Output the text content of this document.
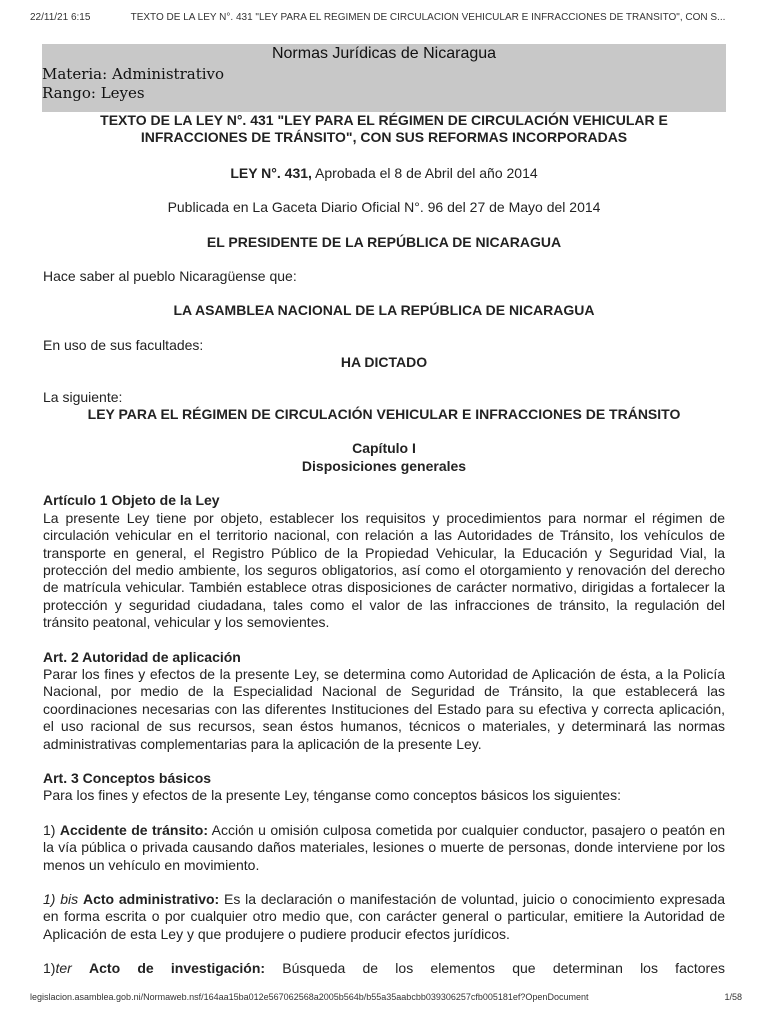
22/11/21 6:15	TEXTO DE LA LEY N°. 431 "LEY PARA EL RÉGIMEN DE CIRCULACIÓN VEHICULAR E INFRACCIONES DE TRÁNSITO", CON S...
Normas Jurídicas de Nicaragua
Materia: Administrativo
Rango: Leyes
TEXTO DE LA LEY N°. 431 "LEY PARA EL RÉGIMEN DE CIRCULACIÓN VEHICULAR E
INFRACCIONES DE TRÁNSITO", CON SUS REFORMAS INCORPORADAS

LEY N°. 431, Aprobada el 8 de Abril del año 2014

Publicada en La Gaceta Diario Oficial N°. 96 del 27 de Mayo del 2014

EL PRESIDENTE DE LA REPÚBLICA DE NICARAGUA

Hace saber al pueblo Nicaragüense que:

LA ASAMBLEA NACIONAL DE LA REPÚBLICA DE NICARAGUA

En uso de sus facultades:

HA DICTADO

La siguiente:

LEY PARA EL RÉGIMEN DE CIRCULACIÓN VEHICULAR E INFRACCIONES DE TRÁNSITO

Capítulo I

Disposiciones generales

Artículo 1 Objeto de la Ley

La presente Ley tiene por objeto, establecer los requisitos y procedimientos para normar el régimen de circulación vehicular en el territorio nacional, con relación a las Autoridades de Tránsito, los vehículos de transporte en general, el Registro Público de la Propiedad Vehicular, la Educación y Seguridad Vial, la protección del medio ambiente, los seguros obligatorios, así como el otorgamiento y renovación del derecho de matrícula vehicular. También establece otras disposiciones de carácter normativo, dirigidas a fortalecer la protección y seguridad ciudadana, tales como el valor de las infracciones de tránsito, la regulación del tránsito peatonal, vehicular y los semovientes.

Art. 2 Autoridad de aplicación

Parar los fines y efectos de la presente Ley, se determina como Autoridad de Aplicación de ésta, a la Policía Nacional, por medio de la Especialidad Nacional de Seguridad de Tránsito, la que establecerá las coordinaciones necesarias con las diferentes Instituciones del Estado para su efectiva y correcta aplicación, el uso racional de sus recursos, sean éstos humanos, técnicos o materiales, y determinará las normas administrativas complementarias para la aplicación de la presente Ley.

Art. 3 Conceptos básicos

Para los fines y efectos de la presente Ley, ténganse como conceptos básicos los siguientes:

1) Accidente de tránsito: Acción u omisión culposa cometida por cualquier conductor, pasajero o peatón en la vía pública o privada causando daños materiales, lesiones o muerte de personas, donde interviene por los menos un vehículo en movimiento.

1) bis Acto administrativo: Es la declaración o manifestación de voluntad, juicio o conocimiento expresada en forma escrita o por cualquier otro medio que, con carácter general o particular, emitiere la Autoridad de Aplicación de esta Ley y que produjere o pudiere producir efectos jurídicos.

1)ter Acto de investigación: Búsqueda de los elementos que determinan los factores

legislacion.asamblea.gob.ni/Normaweb.nsf/164aa15ba012e567062568a2005b564b/b55a35aabcbb039306257cfb005181ef?OpenDocument	1/58
